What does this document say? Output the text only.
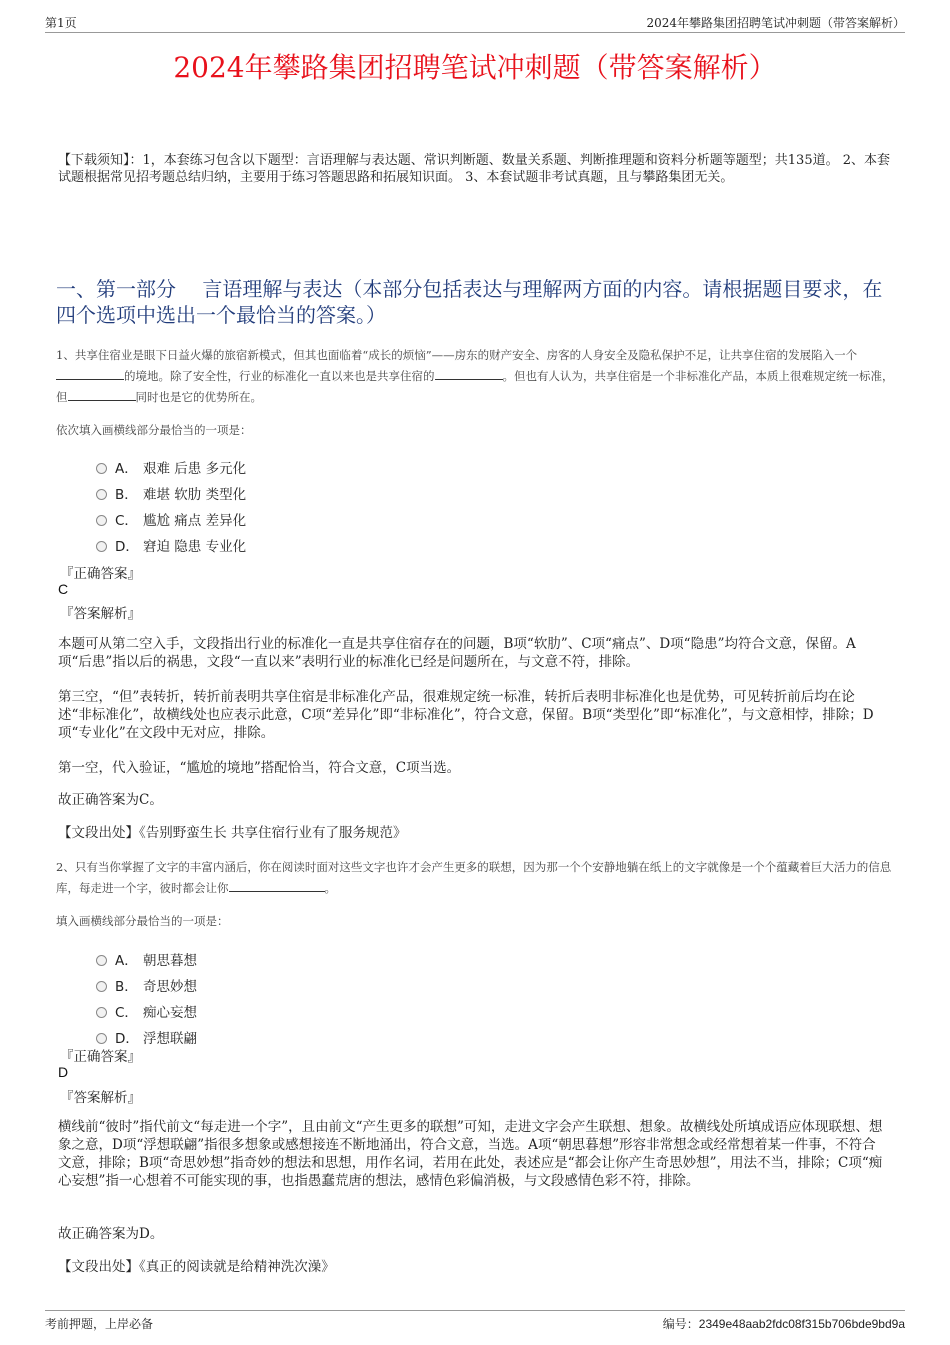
第1页	2024年攀路集团招聘笔试冲刺题（带答案解析）
2024年攀路集团招聘笔试冲刺题（带答案解析）
【下载须知】：1，本套练习包含以下题型：言语理解与表达题、常识判断题、数量关系题、判断推理题和资料分析题等题型；共135道。 2、本套试题根据常见招考题总结归纳，主要用于练习答题思路和拓展知识面。 3、本套试题非考试真题，且与攀路集团无关。
一、第一部分　 言语理解与表达（本部分包括表达与理解两方面的内容。请根据题目要求，在四个选项中选出一个最恰当的答案。）
1、共享住宿业是眼下日益火爆的旅宿新模式，但其也面临着“成长的烦恼”——房东的财产安全、房客的人身安全及隐私保护不足，让共享住宿的发展陷入一个的境地。除了安全性，行业的标准化一直以来也是共享住宿的	。但也有人认为，共享住宿是一个非标准化产品，本质上很难规定统一标准，但	同时也是它的优势所在。
依次填入画横线部分最恰当的一项是：
A． 艰难 后患 多元化
B． 难堪 软肋 类型化
C． 尴尬 痛点 差异化
D． 窘迫 隐患 专业化
『正确答案』
C
『答案解析』
本题可从第二空入手，文段指出行业的标准化一直是共享住宿存在的问题，B项“软肋”、C项“痛点”、D项“隐患”均符合文意，保留。A项“后患”指以后的祸患，文段“一直以来”表明行业的标准化已经是问题所在，与文意不符，排除。
第三空，“但”表转折，转折前表明共享住宿是非标准化产品，很难规定统一标准，转折后表明非标准化也是优势，可见转折前后均在论述“非标准化”，故横线处也应表示此意，C项“差异化”即“非标准化”，符合文意，保留。B项“类型化”即“标准化”，与文意相悖，排除；D项“专业化”在文段中无对应，排除。
第一空，代入验证，“尴尬的境地”搭配恰当，符合文意，C项当选。
故正确答案为C。
【文段出处】《告别野蛮生长 共享住宿行业有了服务规范》
2、只有当你掌握了文字的丰富内涵后，你在阅读时面对这些文字也许才会产生更多的联想，因为那一个个安静地躺在纸上的文字就像是一个个蕴藏着巨大活力的信息库，每走进一个字，彼时都会让你	。
填入画横线部分最恰当的一项是：
A． 朝思暮想
B． 奇思妙想
C． 痴心妄想
D． 浮想联翩
『正确答案』
D
『答案解析』
横线前“彼时”指代前文“每走进一个字”，且由前文“产生更多的联想”可知，走进文字会产生联想、想象。故横线处所填成语应体现联想、想象之意，D项“浮想联翩”指很多想象或感想接连不断地涌出，符合文意，当选。A项“朝思暮想”形容非常想念或经常想着某一件事，不符合文意，排除；B项“奇思妙想”指奇妙的想法和思想，用作名词，若用在此处，表述应是“都会让你产生奇思妙想”，用法不当，排除；C项“痴心妄想”指一心想着不可能实现的事，也指愚蠢荒唐的想法，感情色彩偏消极，与文段感情色彩不符，排除。
故正确答案为D。
【文段出处】《真正的阅读就是给精神洗次澡》
考前押题，上岸必备	编号：2349e48aab2fdc08f315b706bde9bd9a
